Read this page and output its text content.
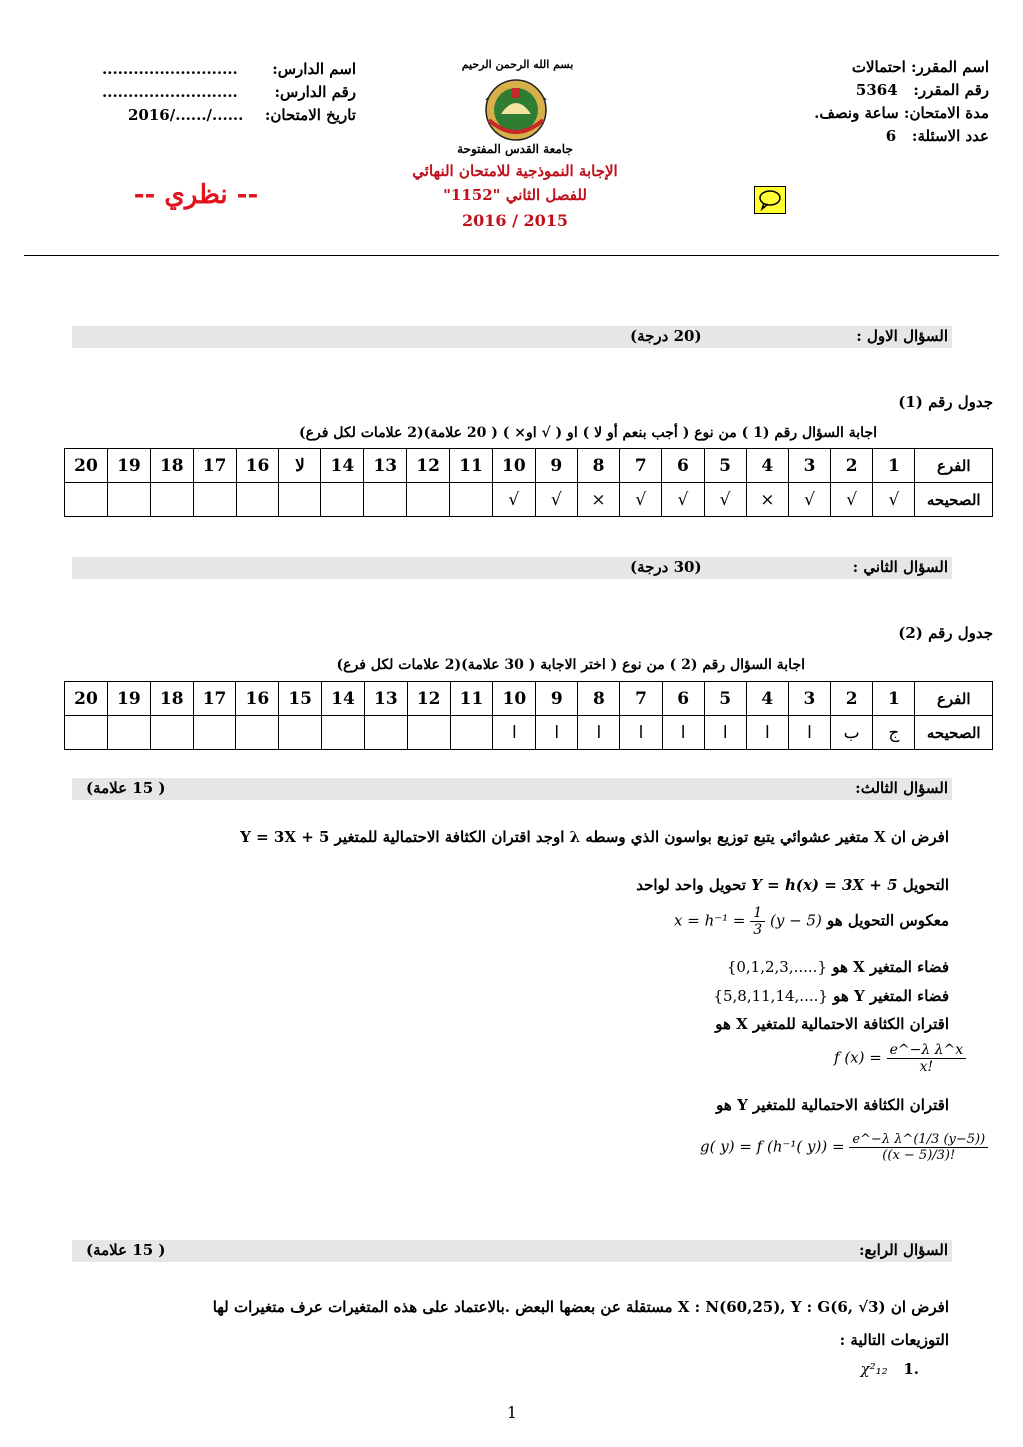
اسم المقرر: احتمالات
رقم المقرر:   5364
مدة الامتحان: ساعة ونصف.
عدد الاسئلة:   6
بسم الله الرحمن الرحيم
جامعة القدس المفتوحة
الإجابة النموذجية للامتحان النهائي
للفصل الثاني "1152"
2016 / 2015
.......................... اسم الدارس:
.......................... رقم الدارس:
2016/....../...... تاريخ الامتحان:
-- نظري --
السؤال الاول :
(20 درجة)
جدول رقم (1)
اجابة السؤال رقم (1 ) من نوع ( أجب بنعم أو لا ) او ( √ او× ) ( 20 علامة)(2 علامات لكل فرع)
الفرع	1	2	3	4	5	6	7	8	9	10	11	12	13	14	لا	16	17	18	19	20
الصحيحه	√	√	√	×	√	√	√	×	√	√										
السؤال الثاني :
(30 درجة)
جدول رقم (2)
اجابة السؤال رقم (2 ) من نوع ( اختر الاجابة ( 30 علامة)(2 علامات لكل فرع)
الفرع	1	2	3	4	5	6	7	8	9	10	11	12	13	14	15	16	17	18	19	20
الصحيحه	ج	ب	ا	ا	ا	ا	ا	ا	ا	ا										
السؤال الثالث:
( 15 علامة)
افرض ان X متغير عشوائي يتبع توزيع بواسون الذي وسطه λ اوجد اقتران الكثافة الاحتمالية للمتغير Y = 3X + 5
التحويل Y = h(x) = 3X + 5 تحويل واحد لواحد
معكوس التحويل هو $x = h^{-1} = \frac{1}{3} (y - 5)$
فضاء المتغير X هو {0,1,2,3,.....}
فضاء المتغير Y هو {5,8,11,14,....}
اقتران الكثافة الاحتمالية للمتغير X هو
f $(x) = \frac{\text{e\textasciicircum{}−λ λ\textasciicircum{}x}}{x!}$
اقتران الكثافة الاحتمالية للمتغير Y هو
g( y) = f (h⁻¹( $y)) = \frac{\text{e\textasciicircum{}−λ λ\textasciicircum{}(1/3 (y−5))}}{((x - 5)/3)!}$
السؤال الرابع:
( 15 علامة)
افرض ان X : N(60,25), Y : G(6, √3) مستقلة عن بعضها البعض .بالاعتماد على هذه المتغيرات عرف متغيرات لها
التوزيعات التالية :
.1   χ²₁₂
1
